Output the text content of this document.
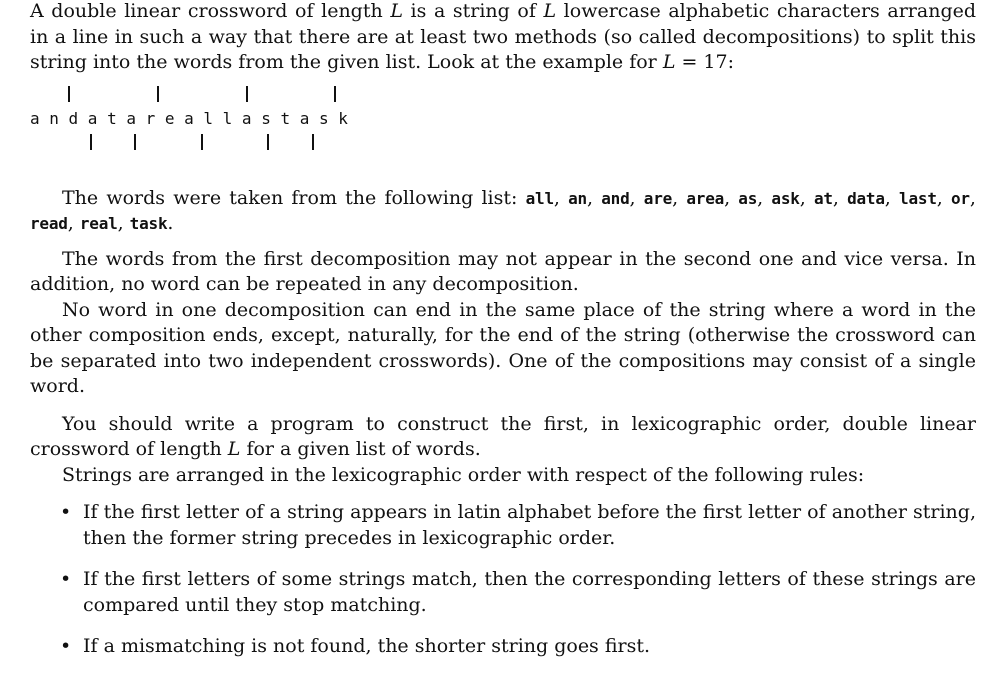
A double linear crossword of length L is a string of L lowercase alphabetic characters arranged in a line in such a way that there are at least two methods (so called decompositions) to split this string into the words from the given list. Look at the example for L = 17:

a n d a t a r e a l l a s t a s k

The words were taken from the following list: all, an, and, are, area, as, ask, at, data, last, or, read, real, task.

The words from the first decomposition may not appear in the second one and vice versa. In addition, no word can be repeated in any decomposition.

No word in one decomposition can end in the same place of the string where a word in the other composition ends, except, naturally, for the end of the string (otherwise the crossword can be separated into two independent crosswords). One of the compositions may consist of a single word.

You should write a program to construct the first, in lexicographic order, double linear crossword of length L for a given list of words.

Strings are arranged in the lexicographic order with respect of the following rules:

• If the first letter of a string appears in latin alphabet before the first letter of another string, then the former string precedes in lexicographic order.
• If the first letters of some strings match, then the corresponding letters of these strings are compared until they stop matching.
• If a mismatching is not found, the shorter string goes first.
